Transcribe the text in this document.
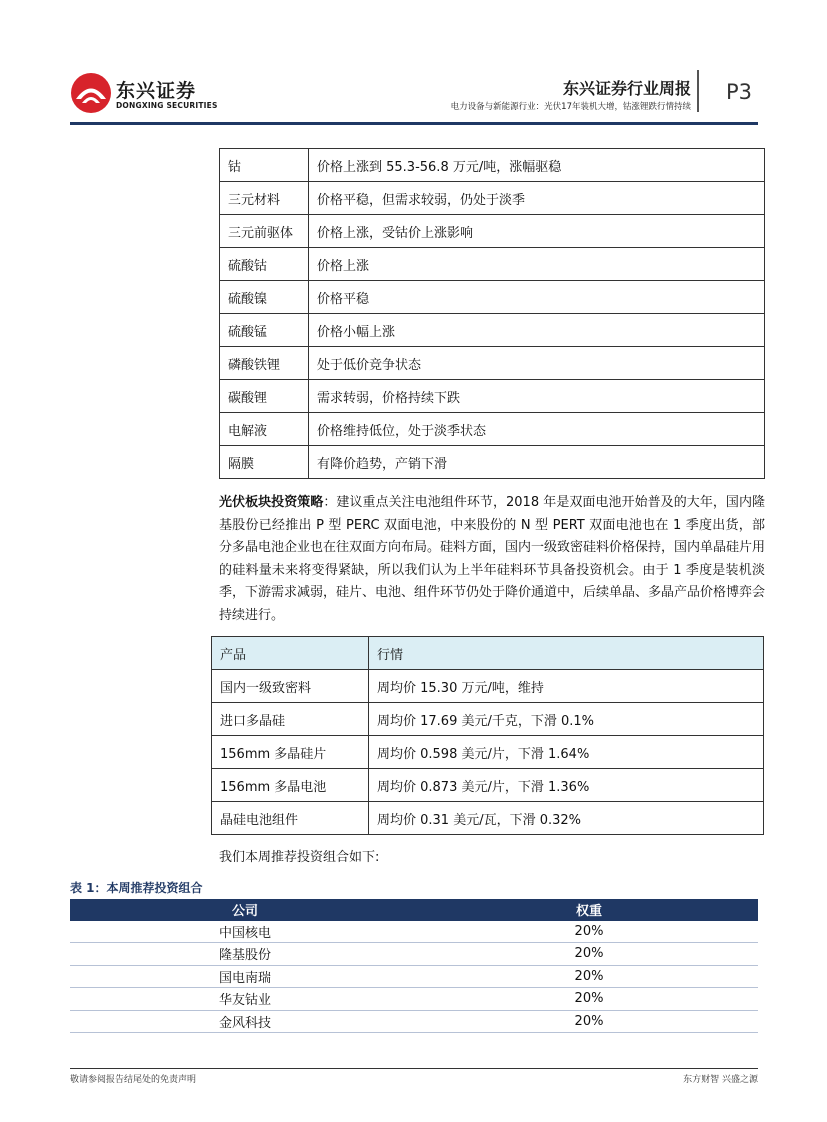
东兴证券
DONGXING SECURITIES
东兴证券行业周报
电力设备与新能源行业：光伏17年装机大增，钴涨锂跌行情持续
P3
钴	价格上涨到 55.3-56.8 万元/吨，涨幅驱稳
三元材料	价格平稳，但需求较弱，仍处于淡季
三元前驱体	价格上涨，受钴价上涨影响
硫酸钴	价格上涨
硫酸镍	价格平稳
硫酸锰	价格小幅上涨
磷酸铁锂	处于低价竞争状态
碳酸锂	需求转弱，价格持续下跌
电解液	价格维持低位，处于淡季状态
隔膜	有降价趋势，产销下滑
光伏板块投资策略：建议重点关注电池组件环节，2018 年是双面电池开始普及的大年，国内隆基股份已经推出 P 型 PERC 双面电池，中来股份的 N 型 PERT 双面电池也在 1 季度出货，部分多晶电池企业也在往双面方向布局。硅料方面，国内一级致密硅料价格保持，国内单晶硅片用的硅料量未来将变得紧缺，所以我们认为上半年硅料环节具备投资机会。由于 1 季度是装机淡季，下游需求减弱，硅片、电池、组件环节仍处于降价通道中，后续单晶、多晶产品价格博弈会持续进行。
产品	行情
国内一级致密料	周均价 15.30 万元/吨，维持
进口多晶硅	周均价 17.69 美元/千克，下滑 0.1%
156mm 多晶硅片	周均价 0.598 美元/片，下滑 1.64%
156mm 多晶电池	周均价 0.873 美元/片，下滑 1.36%
晶硅电池组件	周均价 0.31 美元/瓦，下滑 0.32%
我们本周推荐投资组合如下:
表 1：本周推荐投资组合
公司	权重
中国核电	20%
隆基股份	20%
国电南瑞	20%
华友钴业	20%
金风科技	20%
敬请参阅报告结尾处的免责声明	东方财智 兴盛之源
